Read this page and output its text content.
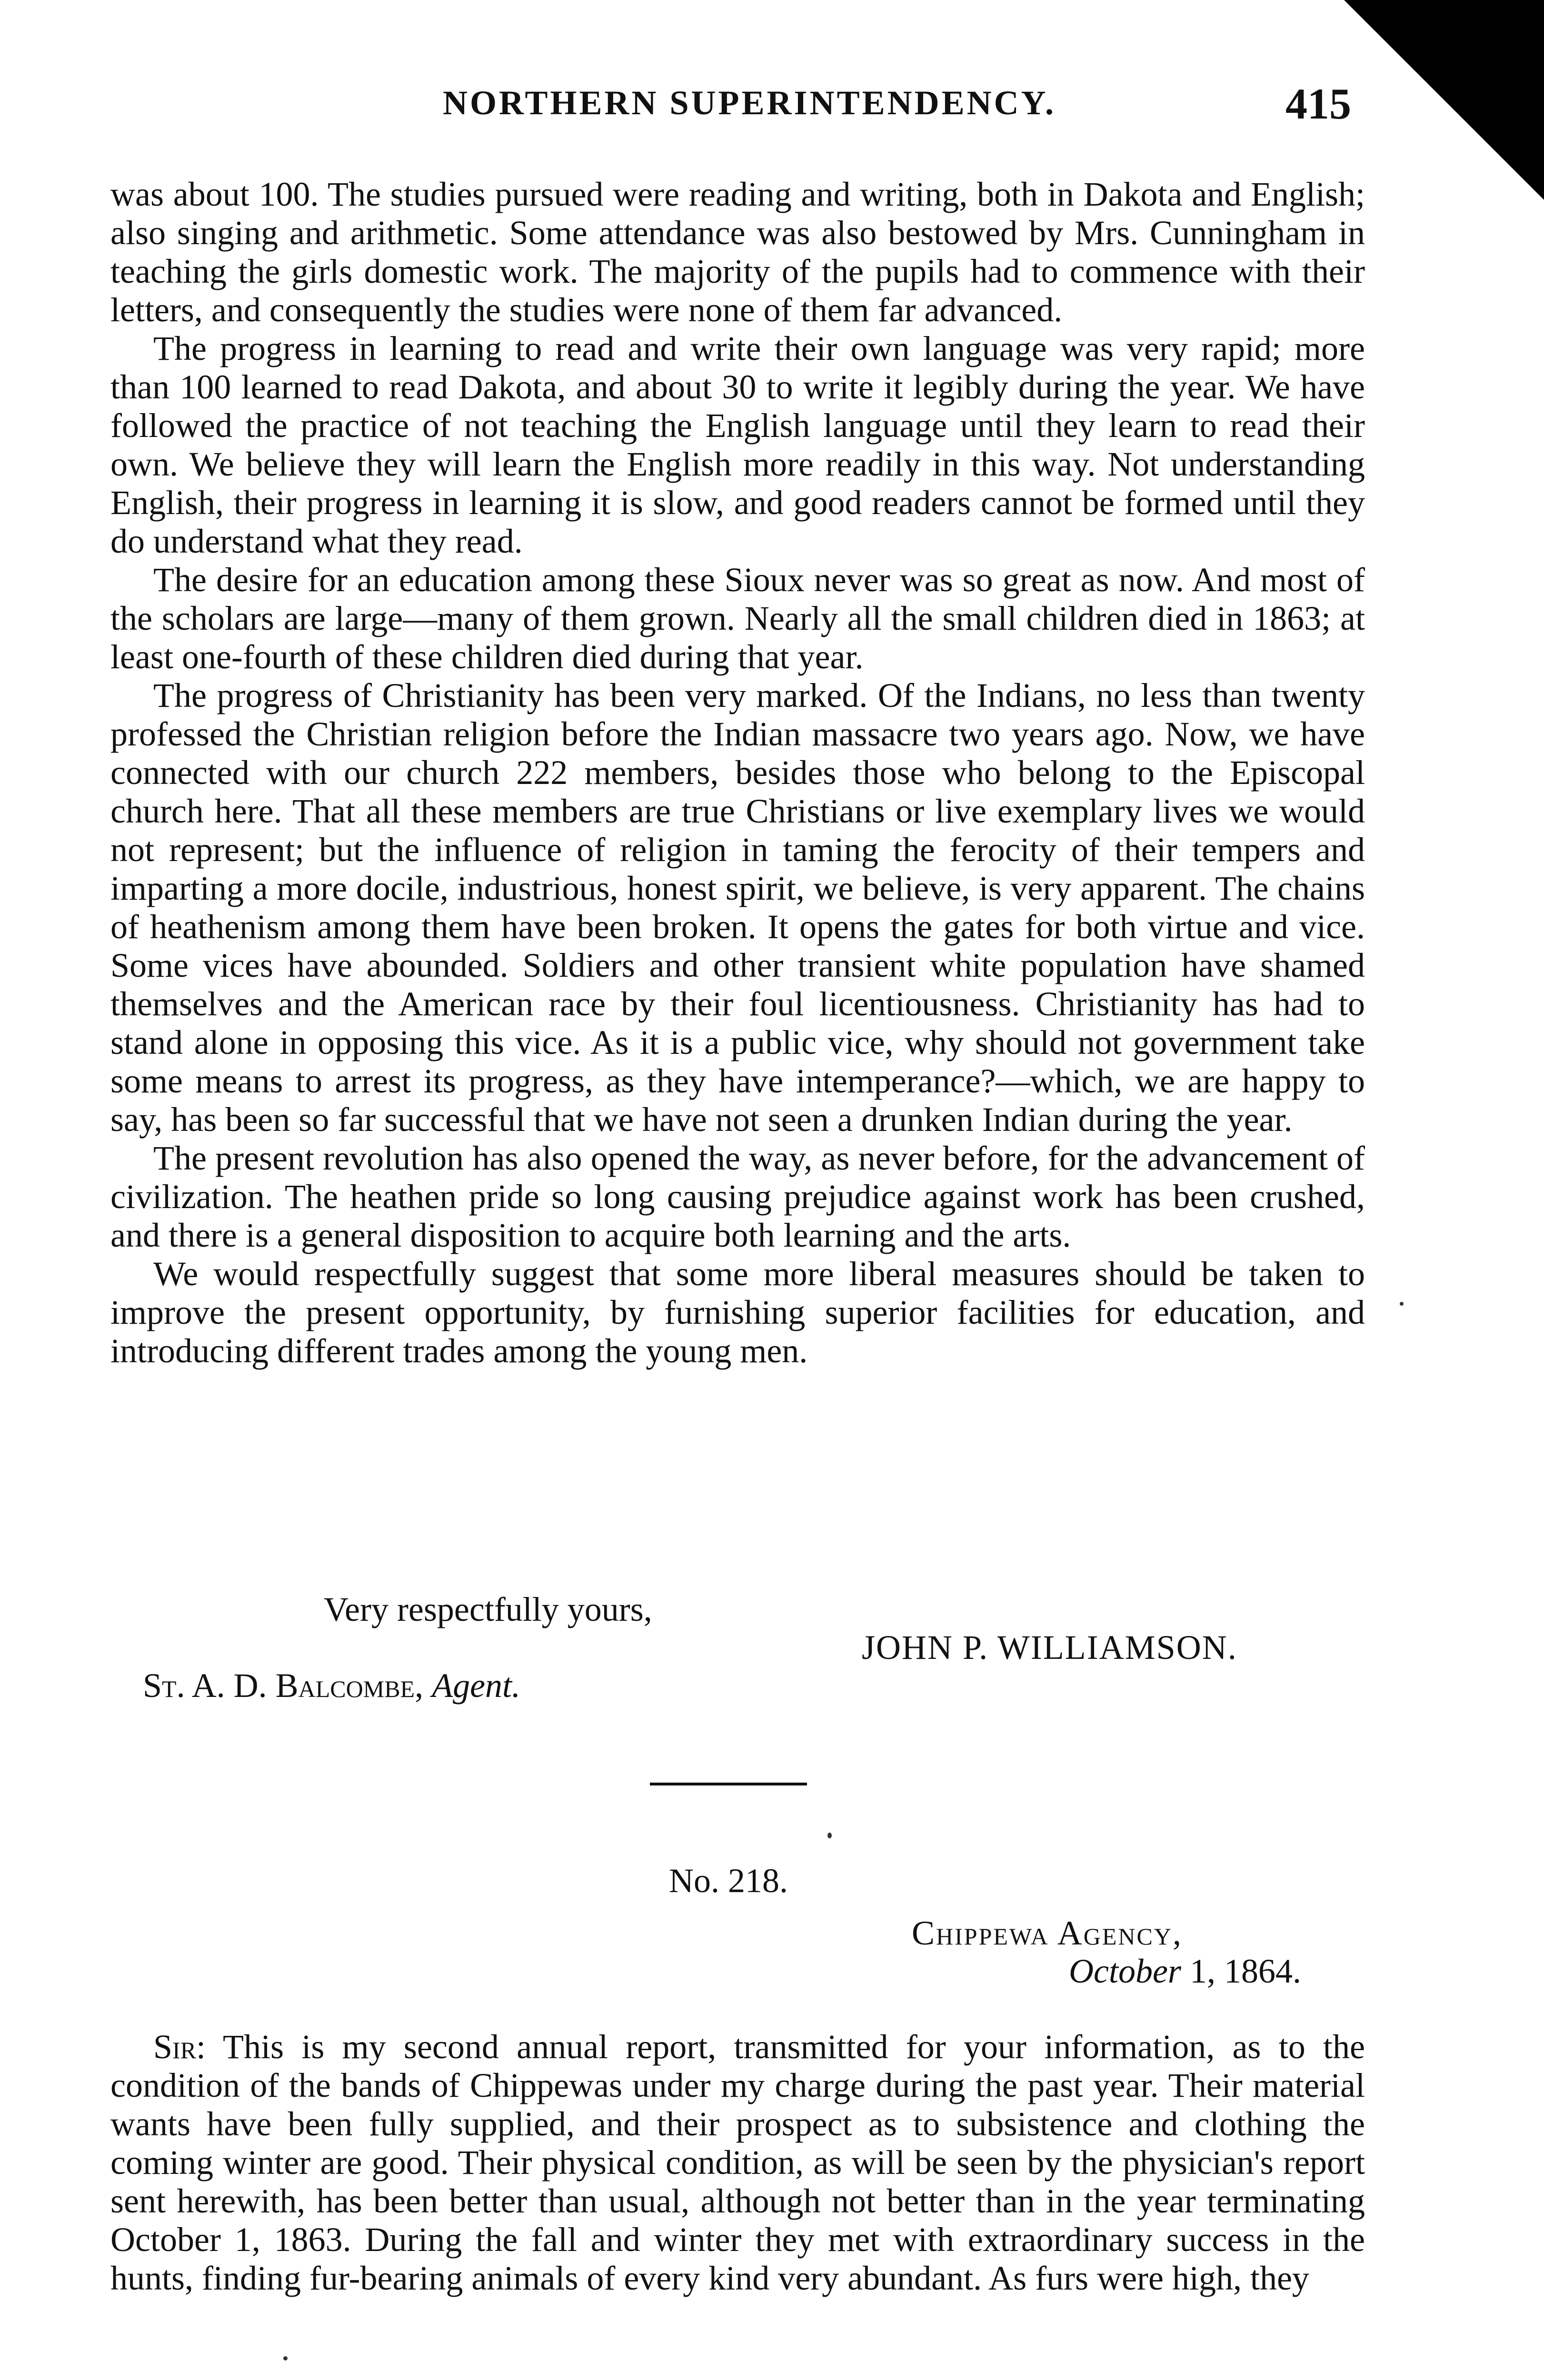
NORTHERN SUPERINTENDENCY.	415

was about 100. The studies pursued were reading and writing, both in Dakota and English; also singing and arithmetic. Some attendance was also bestowed by Mrs. Cunningham in teaching the girls domestic work. The majority of the pupils had to commence with their letters, and consequently the studies were none of them far advanced.

The progress in learning to read and write their own language was very rapid; more than 100 learned to read Dakota, and about 30 to write it legibly during the year. We have followed the practice of not teaching the English language until they learn to read their own. We believe they will learn the English more readily in this way. Not understanding English, their progress in learning it is slow, and good readers cannot be formed until they do understand what they read.

The desire for an education among these Sioux never was so great as now. And most of the scholars are large—many of them grown. Nearly all the small children died in 1863; at least one-fourth of these children died during that year.

The progress of Christianity has been very marked. Of the Indians, no less than twenty professed the Christian religion before the Indian massacre two years ago. Now, we have connected with our church 222 members, besides those who belong to the Episcopal church here. That all these members are true Christians or live exemplary lives we would not represent; but the influence of religion in taming the ferocity of their tempers and imparting a more docile, industrious, honest spirit, we believe, is very apparent. The chains of heathenism among them have been broken. It opens the gates for both virtue and vice. Some vices have abounded. Soldiers and other transient white population have shamed themselves and the American race by their foul licentiousness. Christianity has had to stand alone in opposing this vice. As it is a public vice, why should not government take some means to arrest its progress, as they have intemperance?—which, we are happy to say, has been so far successful that we have not seen a drunken Indian during the year.

The present revolution has also opened the way, as never before, for the advancement of civilization. The heathen pride so long causing prejudice against work has been crushed, and there is a general disposition to acquire both learning and the arts.

We would respectfully suggest that some more liberal measures should be taken to improve the present opportunity, by furnishing superior facilities for education, and introducing different trades among the young men.

Very respectfully yours,
JOHN P. WILLIAMSON.
St. A. D. Balcombe, Agent.
No. 218.
Chippewa Agency,
October 1, 1864.

Sir: This is my second annual report, transmitted for your information, as to the condition of the bands of Chippewas under my charge during the past year. Their material wants have been fully supplied, and their prospect as to subsistence and clothing the coming winter are good. Their physical condition, as will be seen by the physician's report sent herewith, has been better than usual, although not better than in the year terminating October 1, 1863. During the fall and winter they met with extraordinary success in the hunts, finding fur-bearing animals of every kind very abundant. As furs were high, they
